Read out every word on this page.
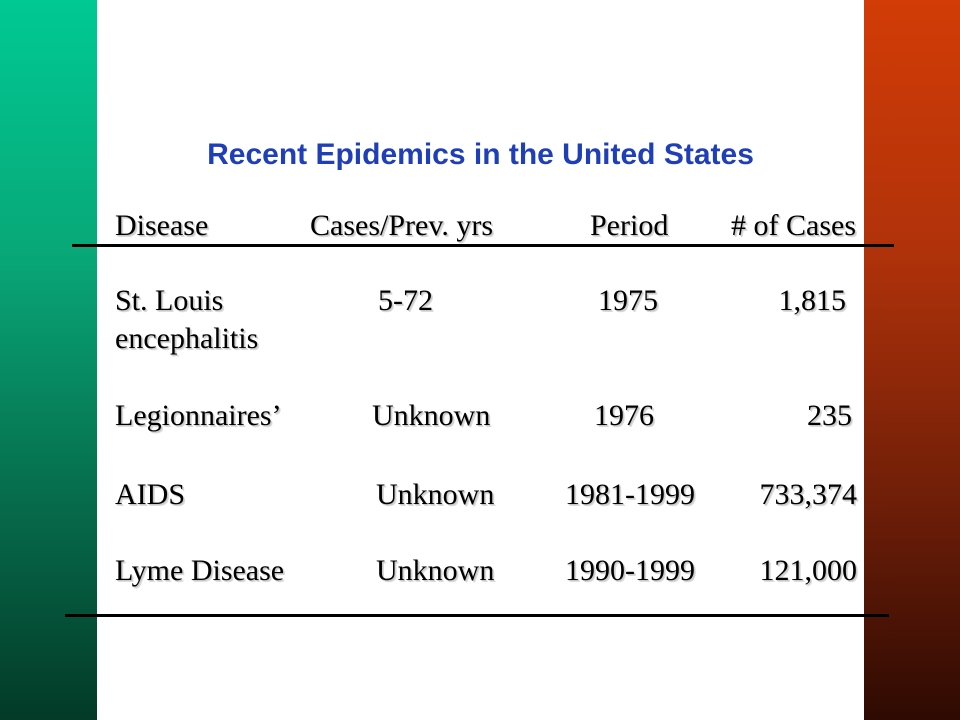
Recent Epidemics in the United States
Disease	Cases/Prev. yrs	Period	# of Cases
St. Louis
encephalitis
5-72	1975	1,815
Legionnaires’	Unknown	1976	235
AIDS	Unknown 1981-1999	733,374
Lyme Disease	Unknown 1990-1999	121,000
